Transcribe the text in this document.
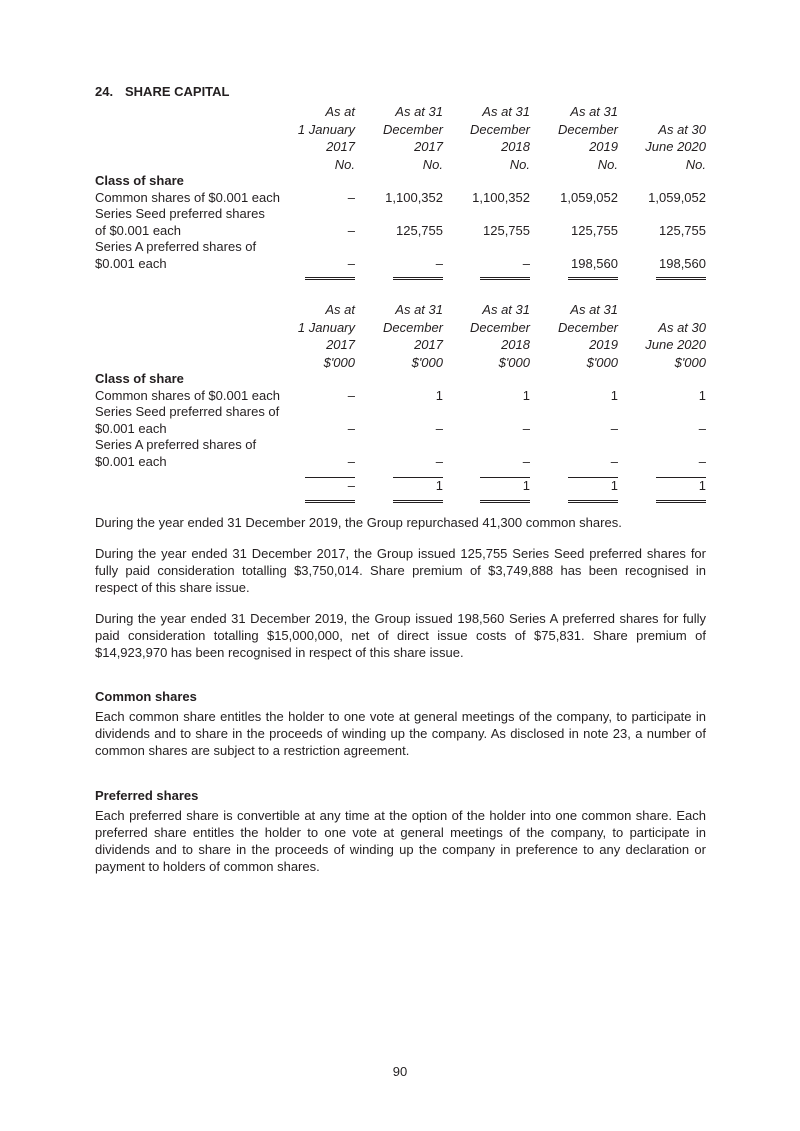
24. SHARE CAPITAL
	As at	As at 31	As at 31	As at 31	
	1 January	December	December	December	As at 30
	2017	2017	2018	2019	June 2020
	No.	No.	No.	No.	No.
Class of share					
Common shares of $0.001 each	–	1,100,352	1,100,352	1,059,052	1,059,052
Series Seed preferred shares					
of $0.001 each	–	125,755	125,755	125,755	125,755
Series A preferred shares of					
$0.001 each	–	–	–	198,560	198,560

	As at	As at 31	As at 31	As at 31	
	1 January	December	December	December	As at 30
	2017	2017	2018	2019	June 2020
	$'000	$'000	$'000	$'000	$'000
Class of share					
Common shares of $0.001 each	–	1	1	1	1
Series Seed preferred shares of					
$0.001 each	–	–	–	–	–
Series A preferred shares of					
$0.001 each	–	–	–	–	–

	–	1	1	1	1

During the year ended 31 December 2019, the Group repurchased 41,300 common shares.

During the year ended 31 December 2017, the Group issued 125,755 Series Seed preferred shares for fully paid consideration totalling $3,750,014. Share premium of $3,749,888 has been recognised in respect of this share issue.

During the year ended 31 December 2019, the Group issued 198,560 Series A preferred shares for fully paid consideration totalling $15,000,000, net of direct issue costs of $75,831. Share premium of $14,923,970 has been recognised in respect of this share issue.

Common shares

Each common share entitles the holder to one vote at general meetings of the company, to participate in dividends and to share in the proceeds of winding up the company. As disclosed in note 23, a number of common shares are subject to a restriction agreement.

Preferred shares

Each preferred share is convertible at any time at the option of the holder into one common share. Each preferred share entitles the holder to one vote at general meetings of the company, to participate in dividends and to share in the proceeds of winding up the company in preference to any declaration or payment to holders of common shares.

90
